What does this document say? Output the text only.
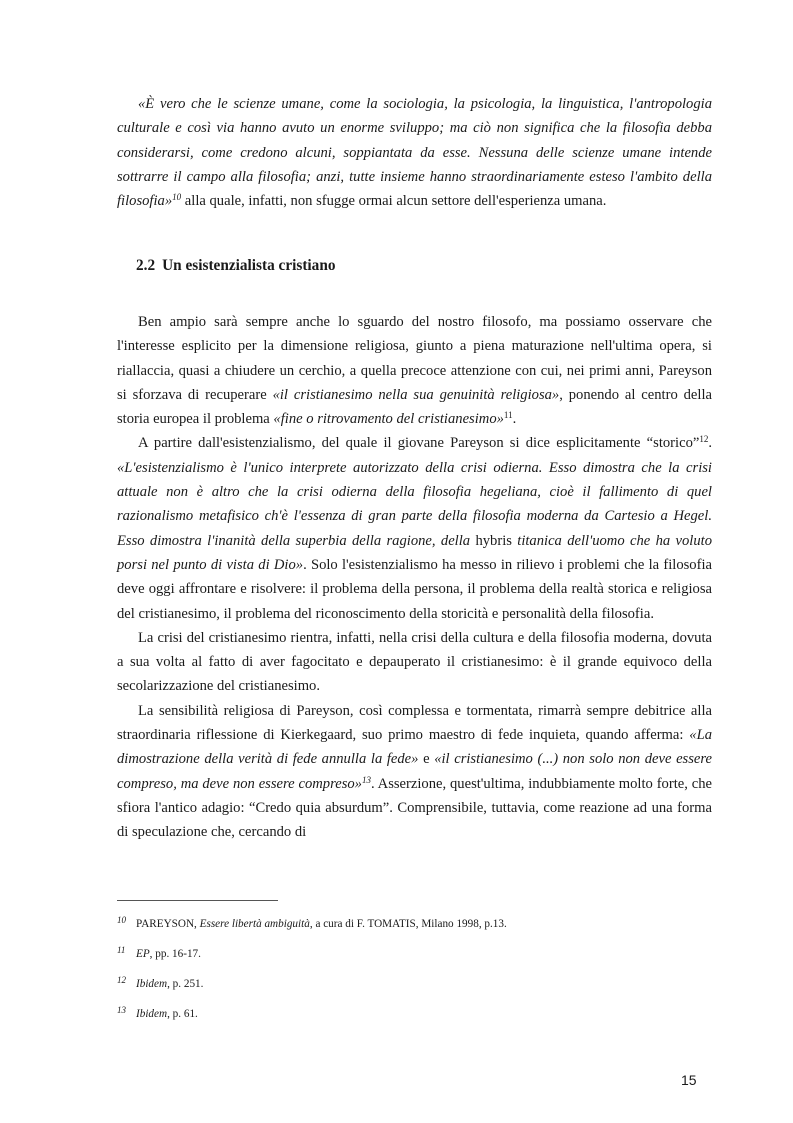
«È vero che le scienze umane, come la sociologia, la psicologia, la linguistica, l'antropologia culturale e così via hanno avuto un enorme sviluppo; ma ciò non significa che la filosofia debba considerarsi, come credono alcuni, soppiantata da esse. Nessuna delle scienze umane intende sottrarre il campo alla filosofia; anzi, tutte insieme hanno straordinariamente esteso l'ambito della filosofia»$^{10}$ alla quale, infatti, non sfugge ormai alcun settore dell'esperienza umana.

2.2 Un esistenzialista cristiano

Ben ampio sarà sempre anche lo sguardo del nostro filosofo, ma possiamo osservare che l'interesse esplicito per la dimensione religiosa, giunto a piena maturazione nell'ultima opera, si riallaccia, quasi a chiudere un cerchio, a quella precoce attenzione con cui, nei primi anni, Pareyson si sforzava di recuperare «il cristianesimo nella sua genuinità religiosa», ponendo al centro della storia europea il problema «fine o ritrovamento del cristianesimo»$^{11}$.

A partire dall'esistenzialismo, del quale il giovane Pareyson si dice esplicitamente “storico”$^{12}$. «L'esistenzialismo è l'unico interprete autorizzato della crisi odierna. Esso dimostra che la crisi attuale non è altro che la crisi odierna della filosofia hegeliana, cioè il fallimento di quel razionalismo metafisico ch'è l'essenza di gran parte della filosofia moderna da Cartesio a Hegel. Esso dimostra l'inanità della superbia della ragione, della hybris titanica dell'uomo che ha voluto porsi nel punto di vista di Dio». Solo l'esistenzialismo ha messo in rilievo i problemi che la filosofia deve oggi affrontare e risolvere: il problema della persona, il problema della realtà storica e religiosa del cristianesimo, il problema del riconoscimento della storicità e personalità della filosofia.

La crisi del cristianesimo rientra, infatti, nella crisi della cultura e della filosofia moderna, dovuta a sua volta al fatto di aver fagocitato e depauperato il cristianesimo: è il grande equivoco della secolarizzazione del cristianesimo.

La sensibilità religiosa di Pareyson, così complessa e tormentata, rimarrà sempre debitrice alla straordinaria riflessione di Kierkegaard, suo primo maestro di fede inquieta, quando afferma: «La dimostrazione della verità di fede annulla la fede» e «il cristianesimo (...) non solo non deve essere compreso, ma deve non essere compreso»$^{13}$. Asserzione, quest'ultima, indubbiamente molto forte, che sfiora l'antico adagio: “Credo quia absurdum”. Comprensibile, tuttavia, come reazione ad una forma di speculazione che, cercando di

10 PAREYSON, Essere libertà ambiguità, a cura di F. TOMATIS, Milano 1998, p.13.
11 EP, pp. 16-17.
12 Ibidem, p. 251.
13 Ibidem, p. 61.
15
